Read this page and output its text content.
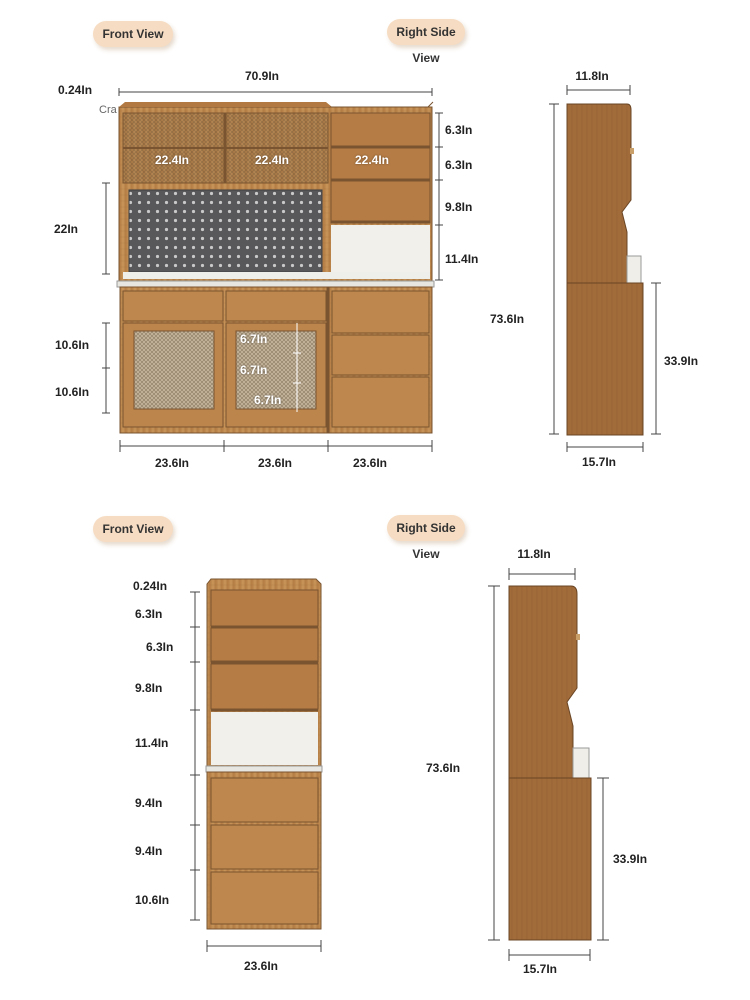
Front View	Right Side View
Front View	Right Side View
Cra
0.24In
70.9In
22.4In	22.4In	22.4In
22In
6.3In
6.3In
9.8In
11.4In
10.6In
10.6In
6.7In
6.7In
6.7In
23.6In	23.6In	23.6In
11.8In
73.6In
33.9In
15.7In
0.24In
6.3In
6.3In
9.8In
11.4In
9.4In
9.4In
10.6In
23.6In
11.8In
73.6In
33.9In
15.7In
